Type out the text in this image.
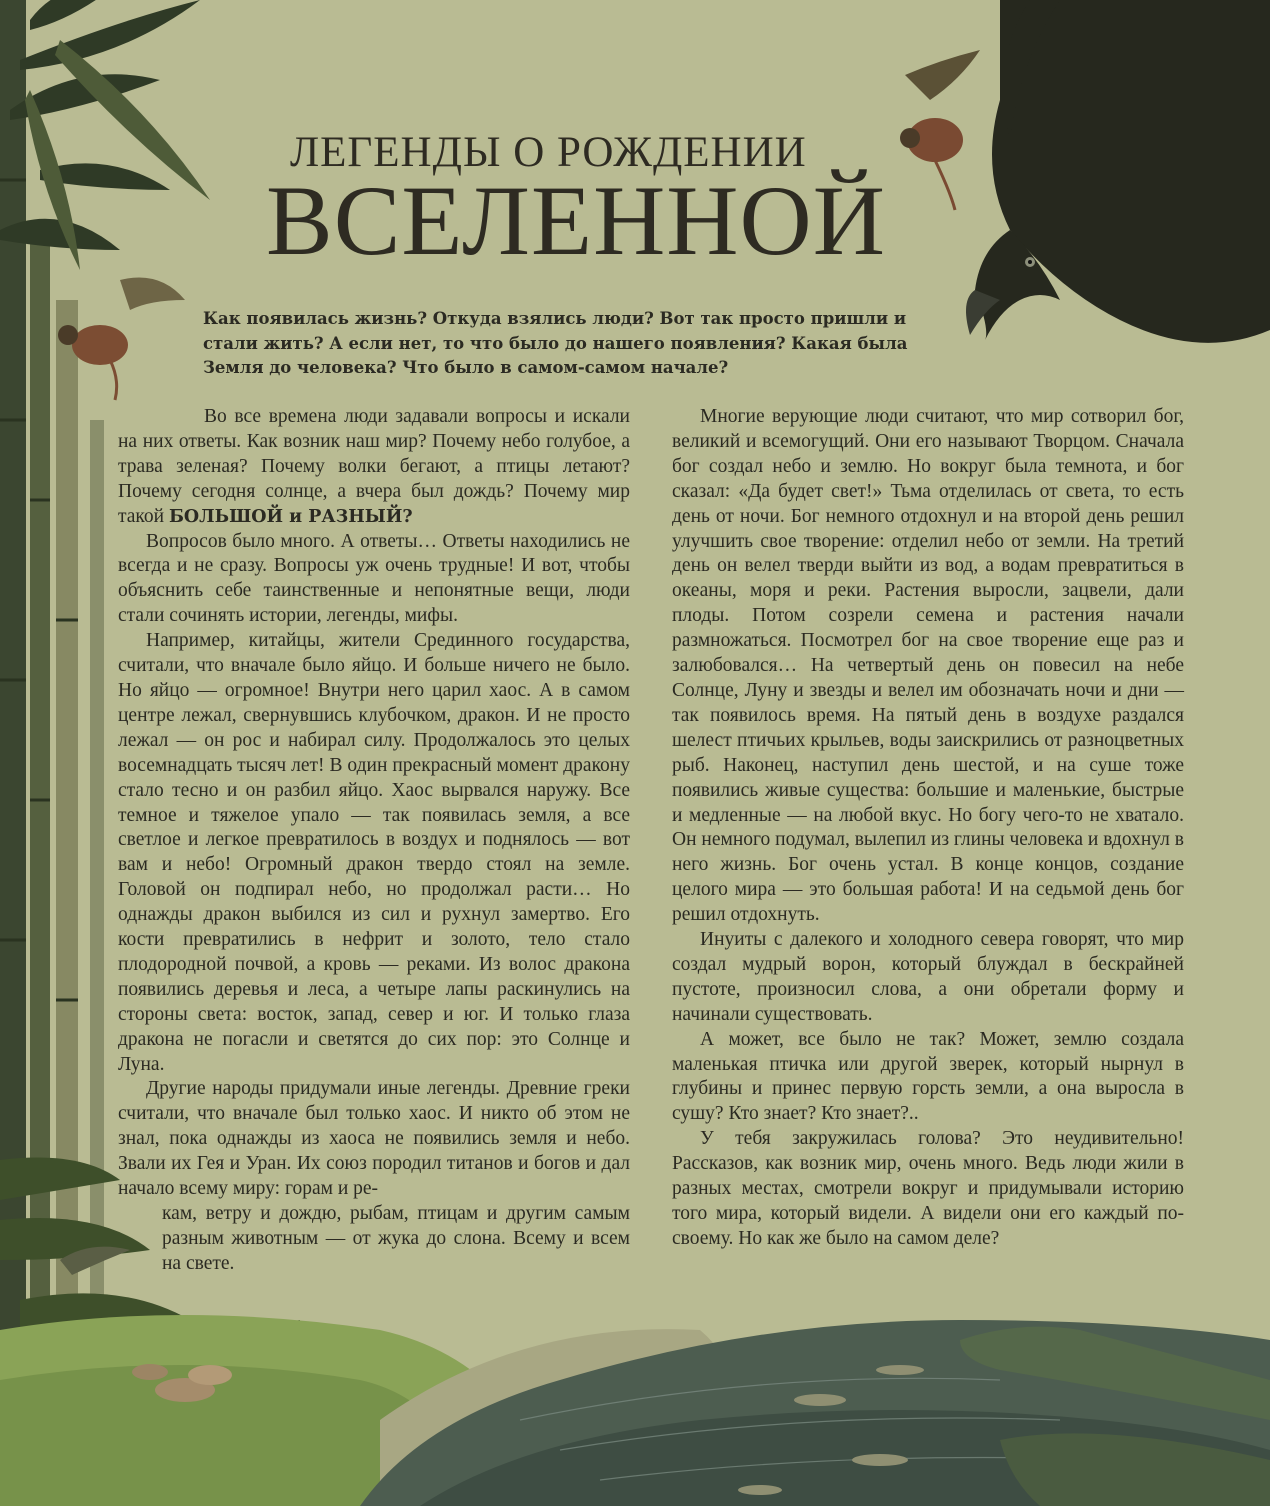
ЛЕГЕНДЫ О РОЖДЕНИИ
ВСЕЛЕННОЙ
Как появилась жизнь? Откуда взялись люди? Вот так просто пришли и стали жить? А если нет, то что было до нашего появления? Какая была Земля до человека? Что было в самом-самом начале?

Во все времена люди задавали вопросы и искали на них ответы. Как возник наш мир? Почему небо голубое, а трава зеленая? Почему волки бегают, а птицы летают? Почему сегодня солнце, а вчера был дождь? Почему мир такой БОЛЬШОЙ и РАЗНЫЙ?

Вопросов было много. А ответы… Ответы находились не всегда и не сразу. Вопросы уж очень трудные! И вот, чтобы объяснить себе таинственные и непонятные вещи, люди стали сочинять истории, легенды, мифы.

Например, китайцы, жители Срединного государства, считали, что вначале было яйцо. И больше ничего не было. Но яйцо — огромное! Внутри него царил хаос. А в самом центре лежал, свернувшись клубочком, дракон. И не просто лежал — он рос и набирал силу. Продолжалось это целых восемнадцать тысяч лет! В один прекрасный момент дракону стало тесно и он разбил яйцо. Хаос вырвался наружу. Все темное и тяжелое упало — так появилась земля, а все светлое и легкое превратилось в воздух и поднялось — вот вам и небо! Огромный дракон твердо стоял на земле. Головой он подпирал небо, но продолжал расти… Но однажды дракон выбился из сил и рухнул замертво. Его кости превратились в нефрит и золото, тело стало плодородной почвой, а кровь — реками. Из волос дракона появились деревья и леса, а четыре лапы раскинулись на стороны света: восток, запад, север и юг. И только глаза дракона не погасли и светятся до сих пор: это Солнце и Луна.

Другие народы придумали иные легенды. Древние греки считали, что вначале был только хаос. И никто об этом не знал, пока однажды из хаоса не появились земля и небо. Звали их Гея и Уран. Их союз породил титанов и богов и дал начало всему миру: горам и ре-

кам, ветру и дождю, рыбам, птицам и другим самым разным животным — от жука до слона. Всему и всем на свете.

Многие верующие люди считают, что мир сотворил бог, великий и всемогущий. Они его называют Творцом. Сначала бог создал небо и землю. Но вокруг была темнота, и бог сказал: «Да будет свет!» Тьма отделилась от света, то есть день от ночи. Бог немного отдохнул и на второй день решил улучшить свое творение: отделил небо от земли. На третий день он велел тверди выйти из вод, а водам превратиться в океаны, моря и реки. Растения выросли, зацвели, дали плоды. Потом созрели семена и растения начали размножаться. Посмотрел бог на свое творение еще раз и залюбовался… На четвертый день он повесил на небе Солнце, Луну и звезды и велел им обозначать ночи и дни — так появилось время. На пятый день в воздухе раздался шелест птичьих крыльев, воды заискрились от разноцветных рыб. Наконец, наступил день шестой, и на суше тоже появились живые существа: большие и маленькие, быстрые и медленные — на любой вкус. Но богу чего-то не хватало. Он немного подумал, вылепил из глины человека и вдохнул в него жизнь. Бог очень устал. В конце концов, создание целого мира — это большая работа! И на седьмой день бог решил отдохнуть.

Инуиты с далекого и холодного севера говорят, что мир создал мудрый ворон, который блуждал в бескрайней пустоте, произносил слова, а они обретали форму и начинали существовать.

А может, все было не так? Может, землю создала маленькая птичка или другой зверек, который нырнул в глубины и принес первую горсть земли, а она выросла в сушу? Кто знает? Кто знает?..

У тебя закружилась голова? Это неудивительно! Рассказов, как возник мир, очень много. Ведь люди жили в разных местах, смотрели вокруг и придумывали историю того мира, который видели. А видели они его каждый по-своему. Но как же было на самом деле?
